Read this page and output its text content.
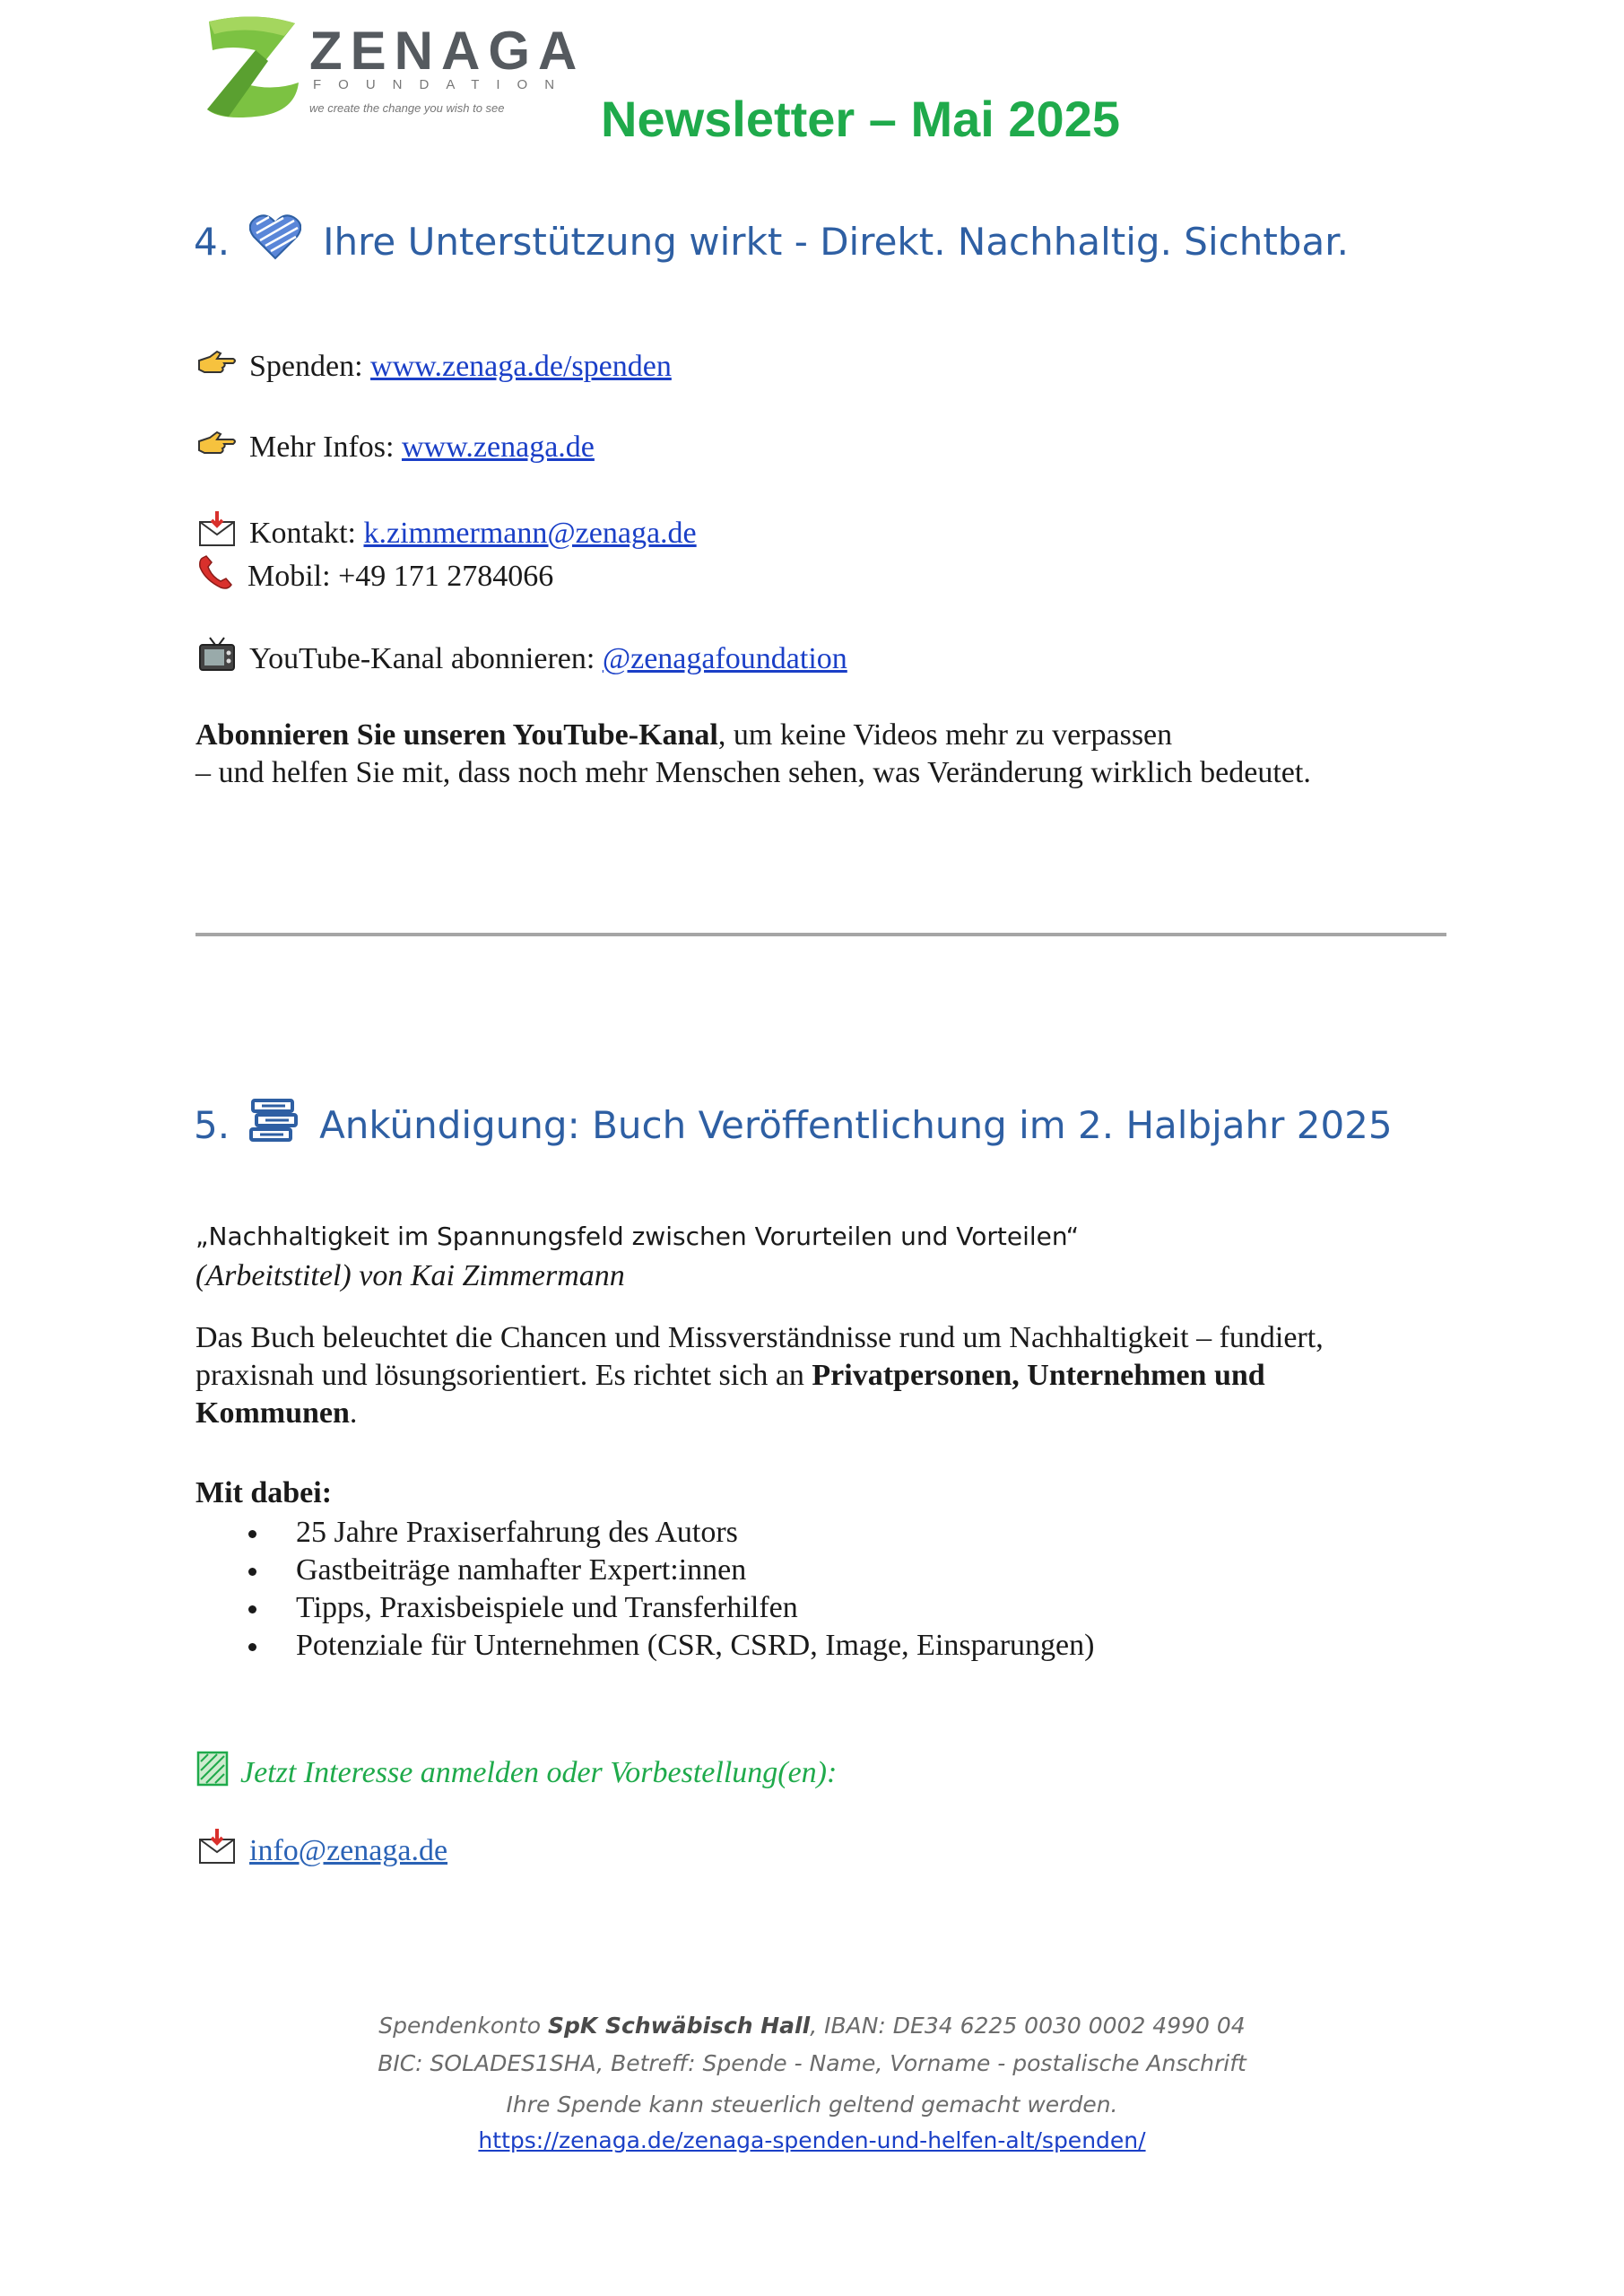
ZENAGA
FOUNDATION
we create the change you wish to see Newsletter – Mai 2025
4. Ihre Unterstützung wirkt - Direkt. Nachhaltig. Sichtbar.
Spenden:
www.zenaga.de/spenden
Mehr Infos:
www.zenaga.de
Kontakt:
k.zimmermann@zenaga.de
Mobil: +49 171 2784066
YouTube-Kanal abonnieren:
@zenagafoundation
Abonnieren Sie unseren YouTube-Kanal, um keine Videos mehr zu verpassen
– und helfen Sie mit, dass noch mehr Menschen sehen, was Veränderung wirklich bedeutet.
5. Ankündigung: Buch Veröffentlichung im 2. Halbjahr 2025
„Nachhaltigkeit im Spannungsfeld zwischen Vorurteilen und Vorteilen“
(Arbeitstitel) von Kai Zimmermann
Das Buch beleuchtet die Chancen und Missverständnisse rund um Nachhaltigkeit – fundiert,
praxisnah und lösungsorientiert. Es richtet sich an Privatpersonen, Unternehmen und
Kommunen.
Mit dabei:
25 Jahre Praxiserfahrung des Autors
Gastbeiträge namhafter Expert:innen
Tipps, Praxisbeispiele und Transferhilfen
Potenziale für Unternehmen (CSR, CSRD, Image, Einsparungen)
Jetzt Interesse anmelden oder Vorbestellung(en):
info@zenaga.de
Spendenkonto SpK Schwäbisch Hall, IBAN: DE34 6225 0030 0002 4990 04
BIC: SOLADES1SHA, Betreff: Spende - Name, Vorname - postalische Anschrift
Ihre Spende kann steuerlich geltend gemacht werden.
https://zenaga.de/zenaga-spenden-und-helfen-alt/spenden/
